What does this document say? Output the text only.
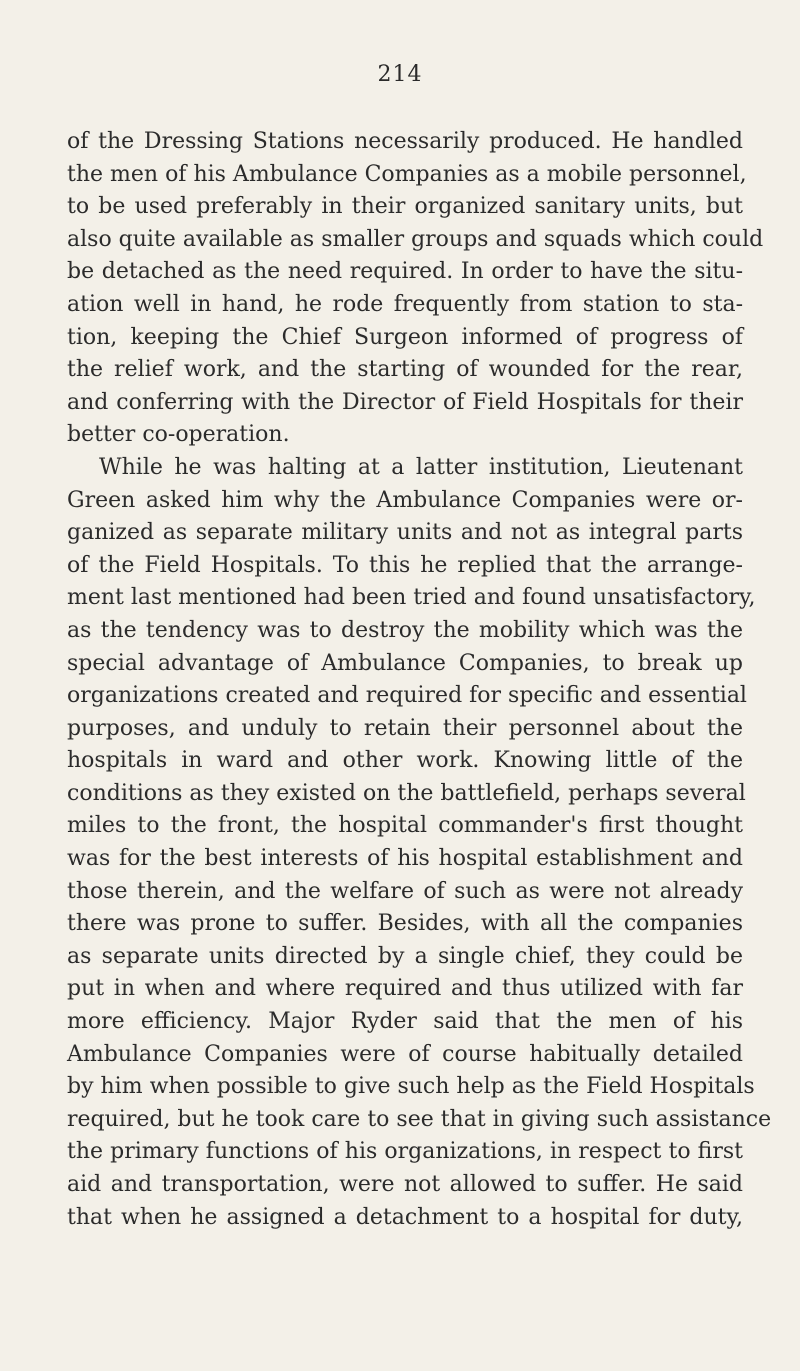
214
of the Dressing Stations necessarily produced. He handled
the men of his Ambulance Companies as a mobile personnel,
to be used preferably in their organized sanitary units, but
also quite available as smaller groups and squads which could
be detached as the need required. In order to have the situ-
ation well in hand, he rode frequently from station to sta-
tion, keeping the Chief Surgeon informed of progress of
the relief work, and the starting of wounded for the rear,
and conferring with the Director of Field Hospitals for their
better co-operation.
While he was halting at a latter institution, Lieutenant
Green asked him why the Ambulance Companies were or-
ganized as separate military units and not as integral parts
of the Field Hospitals. To this he replied that the arrange-
ment last mentioned had been tried and found unsatisfactory,
as the tendency was to destroy the mobility which was the
special advantage of Ambulance Companies, to break up
organizations created and required for specific and essential
purposes, and unduly to retain their personnel about the
hospitals in ward and other work. Knowing little of the
conditions as they existed on the battlefield, perhaps several
miles to the front, the hospital commander's first thought
was for the best interests of his hospital establishment and
those therein, and the welfare of such as were not already
there was prone to suffer. Besides, with all the companies
as separate units directed by a single chief, they could be
put in when and where required and thus utilized with far
more efficiency. Major Ryder said that the men of his
Ambulance Companies were of course habitually detailed
by him when possible to give such help as the Field Hospitals
required, but he took care to see that in giving such assistance
the primary functions of his organizations, in respect to first
aid and transportation, were not allowed to suffer. He said
that when he assigned a detachment to a hospital for duty,
